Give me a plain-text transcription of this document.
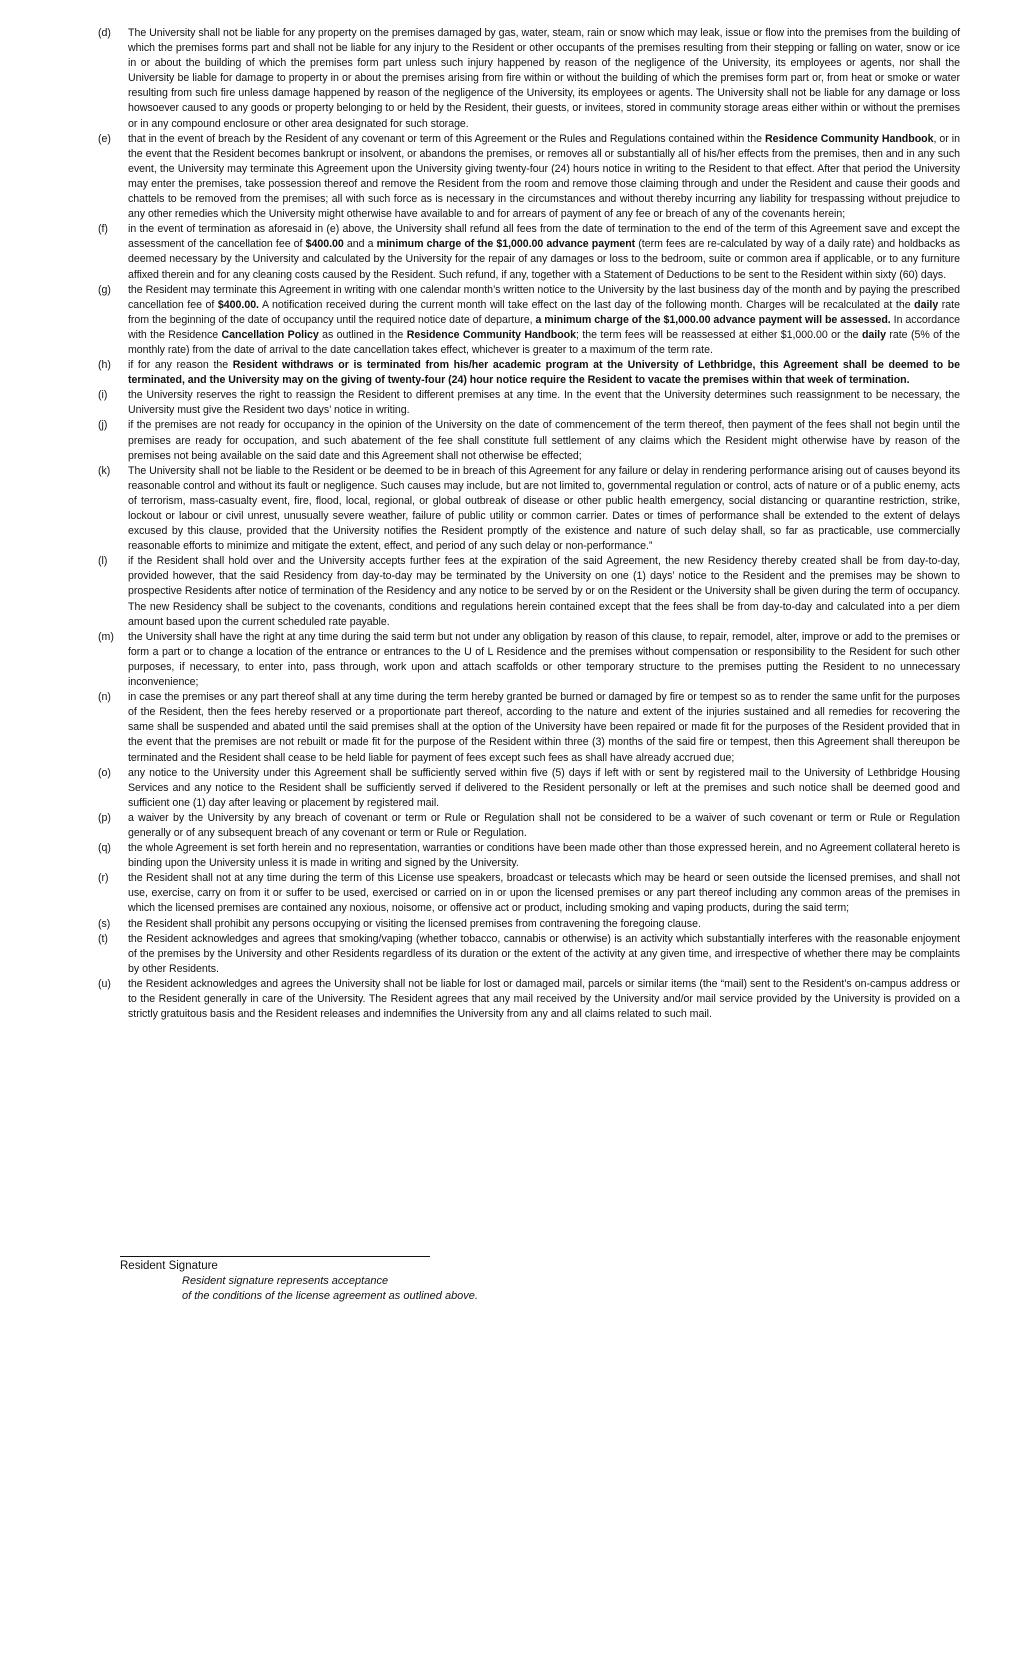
(d)	The University shall not be liable for any property on the premises damaged by gas, water, steam, rain or snow which may leak, issue or flow into the premises from the building of which the premises forms part and shall not be liable for any injury to the Resident or other occupants of the premises resulting from their stepping or falling on water, snow or ice in or about the building of which the premises form part unless such injury happened by reason of the negligence of the University, its employees or agents, nor shall the University be liable for damage to property in or about the premises arising from fire within or without the building of which the premises form part or, from heat or smoke or water resulting from such fire unless damage happened by reason of the negligence of the University, its employees or agents. The University shall not be liable for any damage or loss howsoever caused to any goods or property belonging to or held by the Resident, their guests, or invitees, stored in community storage areas either within or without the premises or in any compound enclosure or other area designated for such storage.
(e)	that in the event of breach by the Resident of any covenant or term of this Agreement or the Rules and Regulations contained within the Residence Community Handbook, or in the event that the Resident becomes bankrupt or insolvent, or abandons the premises, or removes all or substantially all of his/her effects from the premises, then and in any such event, the University may terminate this Agreement upon the University giving twenty-four (24) hours notice in writing to the Resident to that effect. After that period the University may enter the premises, take possession thereof and remove the Resident from the room and remove those claiming through and under the Resident and cause their goods and chattels to be removed from the premises; all with such force as is necessary in the circumstances and without thereby incurring any liability for trespassing without prejudice to any other remedies which the University might otherwise have available to and for arrears of payment of any fee or breach of any of the covenants herein;
(f)	in the event of termination as aforesaid in (e) above, the University shall refund all fees from the date of termination to the end of the term of this Agreement save and except the assessment of the cancellation fee of $400.00 and a minimum charge of the $1,000.00 advance payment (term fees are re-calculated by way of a daily rate) and holdbacks as deemed necessary by the University and calculated by the University for the repair of any damages or loss to the bedroom, suite or common area if applicable, or to any furniture affixed therein and for any cleaning costs caused by the Resident. Such refund, if any, together with a Statement of Deductions to be sent to the Resident within sixty (60) days.
(g)	the Resident may terminate this Agreement in writing with one calendar month’s written notice to the University by the last business day of the month and by paying the prescribed cancellation fee of $400.00. A notification received during the current month will take effect on the last day of the following month. Charges will be recalculated at the daily rate from the beginning of the date of occupancy until the required notice date of departure, a minimum charge of the $1,000.00 advance payment will be assessed. In accordance with the Residence Cancellation Policy as outlined in the Residence Community Handbook; the term fees will be reassessed at either $1,000.00 or the daily rate (5% of the monthly rate) from the date of arrival to the date cancellation takes effect, whichever is greater to a maximum of the term rate.
(h)	if for any reason the Resident withdraws or is terminated from his/her academic program at the University of Lethbridge, this Agreement shall be deemed to be terminated, and the University may on the giving of twenty-four (24) hour notice require the Resident to vacate the premises within that week of termination.
(i)	the University reserves the right to reassign the Resident to different premises at any time. In the event that the University determines such reassignment to be necessary, the University must give the Resident two days’ notice in writing.
(j)	if the premises are not ready for occupancy in the opinion of the University on the date of commencement of the term thereof, then payment of the fees shall not begin until the premises are ready for occupation, and such abatement of the fee shall constitute full settlement of any claims which the Resident might otherwise have by reason of the premises not being available on the said date and this Agreement shall not otherwise be effected;
(k)	The University shall not be liable to the Resident or be deemed to be in breach of this Agreement for any failure or delay in rendering performance arising out of causes beyond its reasonable control and without its fault or negligence. Such causes may include, but are not limited to, governmental regulation or control, acts of nature or of a public enemy, acts of terrorism, mass-casualty event, fire, flood, local, regional, or global outbreak of disease or other public health emergency, social distancing or quarantine restriction, strike, lockout or labour or civil unrest, unusually severe weather, failure of public utility or common carrier. Dates or times of performance shall be extended to the extent of delays excused by this clause, provided that the University notifies the Resident promptly of the existence and nature of such delay shall, so far as practicable, use commercially reasonable efforts to minimize and mitigate the extent, effect, and period of any such delay or non-performance.”
(l)	if the Resident shall hold over and the University accepts further fees at the expiration of the said Agreement, the new Residency thereby created shall be from day-to-day, provided however, that the said Residency from day-to-day may be terminated by the University on one (1) days’ notice to the Resident and the premises may be shown to prospective Residents after notice of termination of the Residency and any notice to be served by or on the Resident or the University shall be given during the term of occupancy. The new Residency shall be subject to the covenants, conditions and regulations herein contained except that the fees shall be from day-to-day and calculated into a per diem amount based upon the current scheduled rate payable.
(m)	the University shall have the right at any time during the said term but not under any obligation by reason of this clause, to repair, remodel, alter, improve or add to the premises or form a part or to change a location of the entrance or entrances to the U of L Residence and the premises without compensation or responsibility to the Resident for such other purposes, if necessary, to enter into, pass through, work upon and attach scaffolds or other temporary structure to the premises putting the Resident to no unnecessary inconvenience;
(n)	in case the premises or any part thereof shall at any time during the term hereby granted be burned or damaged by fire or tempest so as to render the same unfit for the purposes of the Resident, then the fees hereby reserved or a proportionate part thereof, according to the nature and extent of the injuries sustained and all remedies for recovering the same shall be suspended and abated until the said premises shall at the option of the University have been repaired or made fit for the purposes of the Resident provided that in the event that the premises are not rebuilt or made fit for the purpose of the Resident within three (3) months of the said fire or tempest, then this Agreement shall thereupon be terminated and the Resident shall cease to be held liable for payment of fees except such fees as shall have already accrued due;
(o)	any notice to the University under this Agreement shall be sufficiently served within five (5) days if left with or sent by registered mail to the University of Lethbridge Housing Services and any notice to the Resident shall be sufficiently served if delivered to the Resident personally or left at the premises and such notice shall be deemed good and sufficient one (1) day after leaving or placement by registered mail.
(p)	a waiver by the University by any breach of covenant or term or Rule or Regulation shall not be considered to be a waiver of such covenant or term or Rule or Regulation generally or of any subsequent breach of any covenant or term or Rule or Regulation.
(q)	the whole Agreement is set forth herein and no representation, warranties or conditions have been made other than those expressed herein, and no Agreement collateral hereto is binding upon the University unless it is made in writing and signed by the University.
(r)	the Resident shall not at any time during the term of this License use speakers, broadcast or telecasts which may be heard or seen outside the licensed premises, and shall not use, exercise, carry on from it or suffer to be used, exercised or carried on in or upon the licensed premises or any part thereof including any common areas of the premises in which the licensed premises are contained any noxious, noisome, or offensive act or product, including smoking and vaping products, during the said term;
(s)	the Resident shall prohibit any persons occupying or visiting the licensed premises from contravening the foregoing clause.
(t)	the Resident acknowledges and agrees that smoking/vaping (whether tobacco, cannabis or otherwise) is an activity which substantially interferes with the reasonable enjoyment of the premises by the University and other Residents regardless of its duration or the extent of the activity at any given time, and irrespective of whether there may be complaints by other Residents.
(u)	the Resident acknowledges and agrees the University shall not be liable for lost or damaged mail, parcels or similar items (the “mail) sent to the Resident’s on-campus address or to the Resident generally in care of the University. The Resident agrees that any mail received by the University and/or mail service provided by the University is provided on a strictly gratuitous basis and the Resident releases and indemnifies the University from any and all claims related to such mail.
Resident Signature
Resident signature represents acceptance
of the conditions of the license agreement as outlined above.
